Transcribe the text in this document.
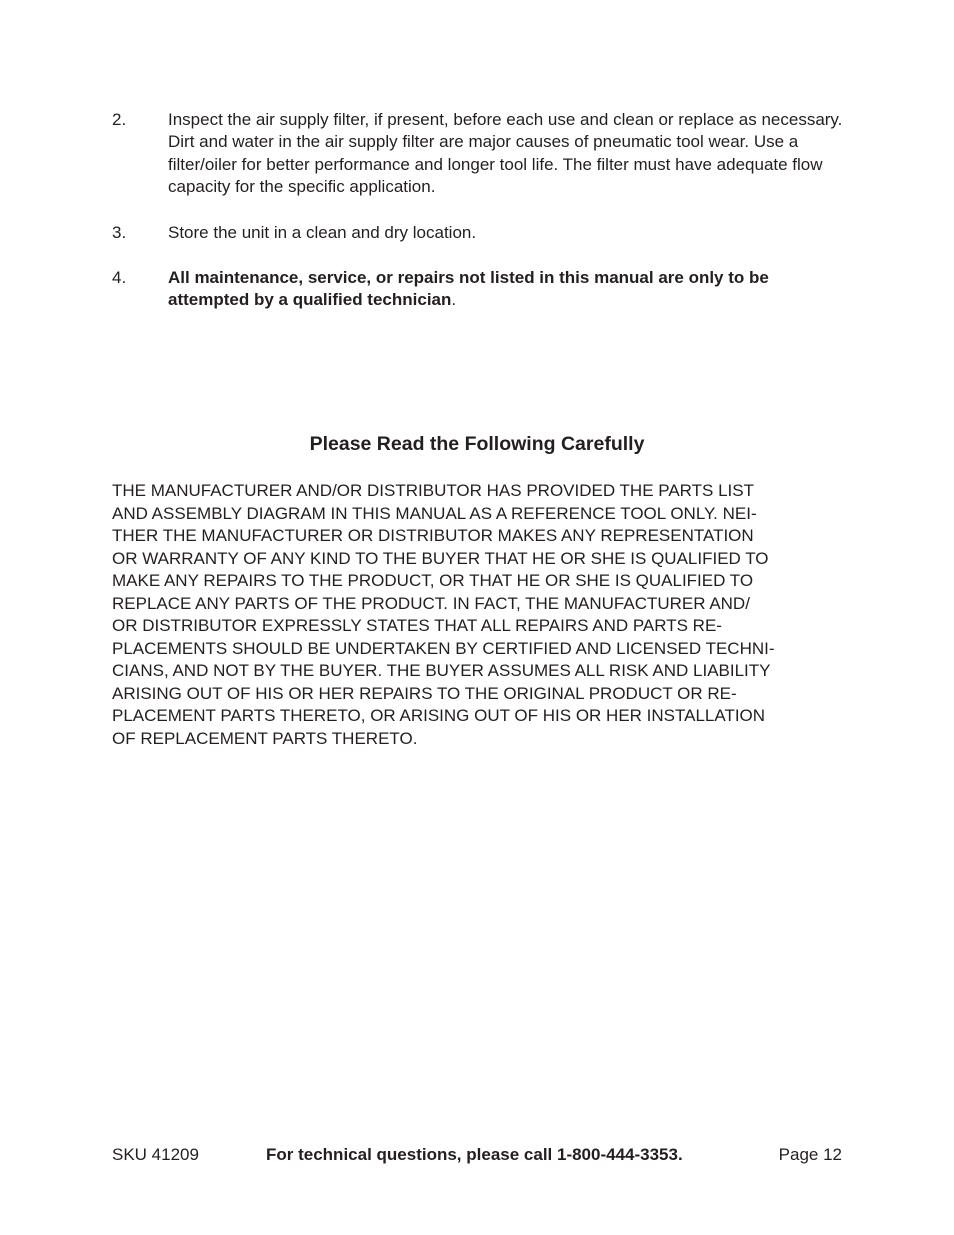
2.	Inspect the air supply filter, if present, before each use and clean or replace as necessary.

Dirt and water in the air supply filter are major causes of pneumatic tool wear. Use a filter/oiler for better performance and longer tool life. The filter must have adequate flow capacity for the specific application.

3.	Store the unit in a clean and dry location.

4.	All maintenance, service, or repairs not listed in this manual are only to be attempted by a qualified technician.

Please Read the Following Carefully
THE MANUFACTURER AND/OR DISTRIBUTOR HAS PROVIDED THE PARTS LIST
AND ASSEMBLY DIAGRAM IN THIS MANUAL AS A REFERENCE TOOL ONLY. NEI-
THER THE MANUFACTURER OR DISTRIBUTOR MAKES ANY REPRESENTATION
OR WARRANTY OF ANY KIND TO THE BUYER THAT HE OR SHE IS QUALIFIED TO
MAKE ANY REPAIRS TO THE PRODUCT, OR THAT HE OR SHE IS QUALIFIED TO
REPLACE ANY PARTS OF THE PRODUCT. IN FACT, THE MANUFACTURER AND/
OR DISTRIBUTOR EXPRESSLY STATES THAT ALL REPAIRS AND PARTS RE-
PLACEMENTS SHOULD BE UNDERTAKEN BY CERTIFIED AND LICENSED TECHNI-
CIANS, AND NOT BY THE BUYER. THE BUYER ASSUMES ALL RISK AND LIABILITY
ARISING OUT OF HIS OR HER REPAIRS TO THE ORIGINAL PRODUCT OR RE-
PLACEMENT PARTS THERETO, OR ARISING OUT OF HIS OR HER INSTALLATION
OF REPLACEMENT PARTS THERETO.
SKU 41209	For technical questions, please call 1-800-444-3353.	Page 12
